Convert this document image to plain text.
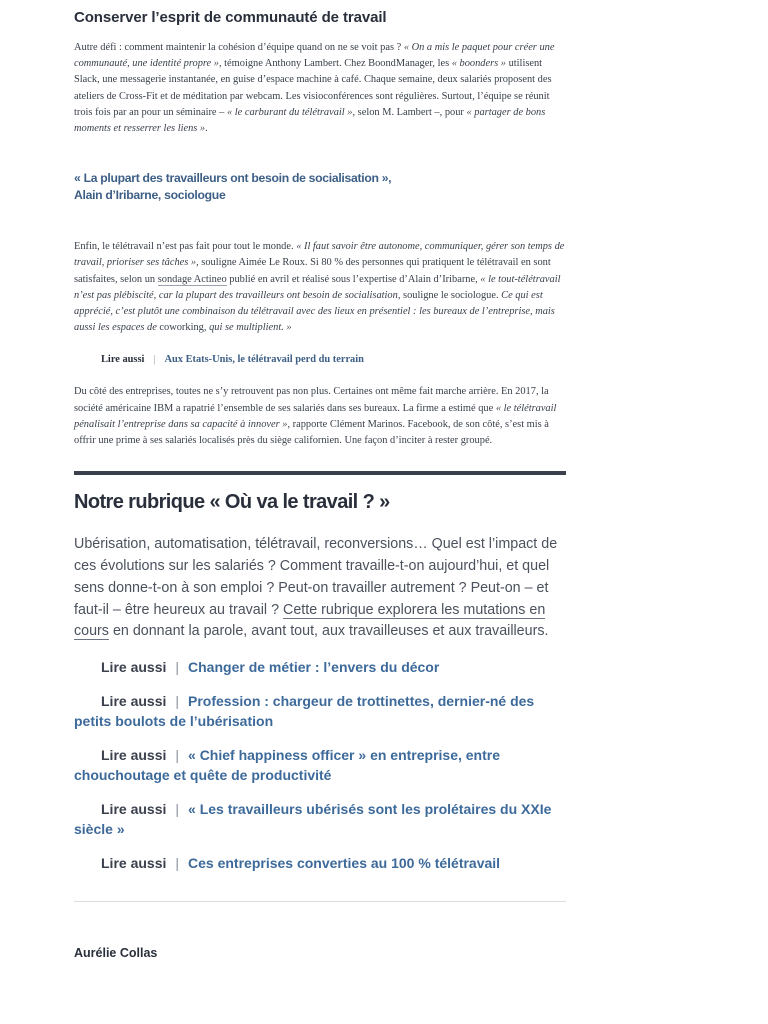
Conserver l’esprit de communauté de travail

Autre défi : comment maintenir la cohésion d’équipe quand on ne se voit pas ? « On a mis le paquet pour créer une communauté, une identité propre », témoigne Anthony Lambert. Chez BoondManager, les « boonders » utilisent Slack, une messagerie instantanée, en guise d’espace machine à café. Chaque semaine, deux salariés proposent des ateliers de Cross-Fit et de méditation par webcam. Les visioconférences sont régulières. Surtout, l’équipe se réunit trois fois par an pour un séminaire – « le carburant du télétravail », selon M. Lambert –, pour « partager de bons moments et resserrer les liens ».

« La plupart des travailleurs ont besoin de socialisation »,
Alain d’Iribarne, sociologue

Enfin, le télétravail n’est pas fait pour tout le monde. « Il faut savoir être autonome, communiquer, gérer son temps de travail, prioriser ses tâches », souligne Aimée Le Roux. Si 80 % des personnes qui pratiquent le télétravail en sont satisfaites, selon un sondage Actineo publié en avril et réalisé sous l’expertise d’Alain d’Iribarne, « le tout-télétravail n’est pas plébiscité, car la plupart des travailleurs ont besoin de socialisation, souligne le sociologue. Ce qui est apprécié, c’est plutôt une combinaison du télétravail avec des lieux en présentiel : les bureaux de l’entreprise, mais aussi les espaces de coworking, qui se multiplient. »

Lire aussi | Aux Etats-Unis, le télétravail perd du terrain

Du côté des entreprises, toutes ne s’y retrouvent pas non plus. Certaines ont même fait marche arrière. En 2017, la société américaine IBM a rapatrié l’ensemble de ses salariés dans ses bureaux. La firme a estimé que « le télétravail pénalisait l’entreprise dans sa capacité à innover », rapporte Clément Marinos. Facebook, de son côté, s’est mis à offrir une prime à ses salariés localisés près du siège californien. Une façon d’inciter à rester groupé.

Notre rubrique « Où va le travail ? »

Ubérisation, automatisation, télétravail, reconversions… Quel est l’impact de ces évolutions sur les salariés ? Comment travaille-t-on aujourd’hui, et quel sens donne-t-on à son emploi ? Peut-on travailler autrement ? Peut-on – et faut-il – être heureux au travail ? Cette rubrique explorera les mutations en cours en donnant la parole, avant tout, aux travailleuses et aux travailleurs.

Lire aussi | Changer de métier : l’envers du décor
Lire aussi | Profession : chargeur de trottinettes, dernier-né des petits boulots de l’ubérisation
Lire aussi | « Chief happiness officer » en entreprise, entre chouchoutage et quête de productivité
Lire aussi | « Les travailleurs ubérisés sont les prolétaires du XXIe siècle »
Lire aussi | Ces entreprises converties au 100 % télétravail
Aurélie Collas
